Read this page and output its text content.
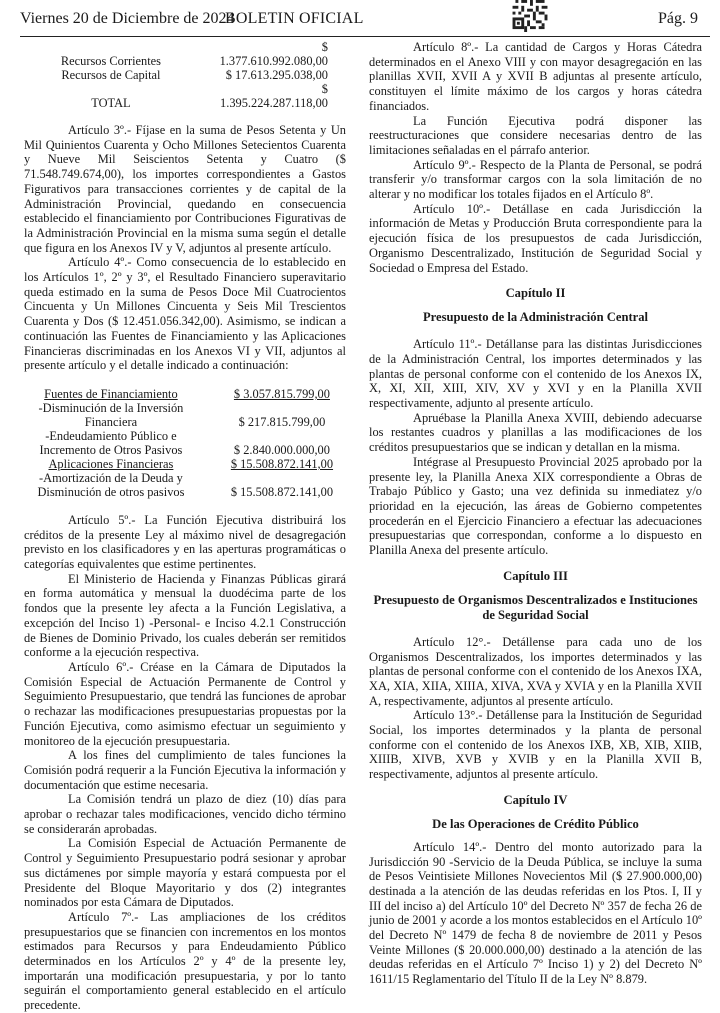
Viernes 20 de Diciembre de 2024
BOLETIN OFICIAL	Pág. 9
Recursos Corrientes	$ 1.377.610.992.080,00
Recursos de Capital	$ 17.613.295.038,00
TOTAL	$ 1.395.224.287.118,00

Artículo 3º.- Fíjase en la suma de Pesos Setenta y Un Mil Quinientos Cuarenta y Ocho Millones Setecientos Cuarenta y Nueve Mil Seiscientos Setenta y Cuatro ($ 71.548.749.674,00), los importes correspondientes a Gastos Figurativos para transacciones corrientes y de capital de la Administración Provincial, quedando en consecuencia establecido el financiamiento por Contribuciones Figurativas de la Administración Provincial en la misma suma según el detalle que figura en los Anexos IV y V, adjuntos al presente artículo.

Artículo 4º.- Como consecuencia de lo establecido en los Artículos 1º, 2º y 3º, el Resultado Financiero superavitario queda estimado en la suma de Pesos Doce Mil Cuatrocientos Cincuenta y Un Millones Cincuenta y Seis Mil Trescientos Cuarenta y Dos ($ 12.451.056.342,00). Asimismo, se indican a continuación las Fuentes de Financiamiento y las Aplicaciones Financieras discriminadas en los Anexos VI y VII, adjuntos al presente artículo y el detalle indicado a continuación:

Fuentes de Financiamiento	$ 3.057.815.799,00
-Disminución de la Inversión Financiera	$ 217.815.799,00
-Endeudamiento Público e Incremento de Otros Pasivos	$ 2.840.000.000,00
Aplicaciones Financieras	$ 15.508.872.141,00
-Amortización de la Deuda y Disminución de otros pasivos	$ 15.508.872.141,00

Artículo 5º.- La Función Ejecutiva distribuirá los créditos de la presente Ley al máximo nivel de desagregación previsto en los clasificadores y en las aperturas programáticas o categorías equivalentes que estime pertinentes.

El Ministerio de Hacienda y Finanzas Públicas girará en forma automática y mensual la duodécima parte de los fondos que la presente ley afecta a la Función Legislativa, a excepción del Inciso 1) -Personal- e Inciso 4.2.1 Construcción de Bienes de Dominio Privado, los cuales deberán ser remitidos conforme a la ejecución respectiva.

Artículo 6º.- Créase en la Cámara de Diputados la Comisión Especial de Actuación Permanente de Control y Seguimiento Presupuestario, que tendrá las funciones de aprobar o rechazar las modificaciones presupuestarias propuestas por la Función Ejecutiva, como asimismo efectuar un seguimiento y monitoreo de la ejecución presupuestaria.

A los fines del cumplimiento de tales funciones la Comisión podrá requerir a la Función Ejecutiva la información y documentación que estime necesaria.

La Comisión tendrá un plazo de diez (10) días para aprobar o rechazar tales modificaciones, vencido dicho término se considerarán aprobadas.

La Comisión Especial de Actuación Permanente de Control y Seguimiento Presupuestario podrá sesionar y aprobar sus dictámenes por simple mayoría y estará compuesta por el Presidente del Bloque Mayoritario y dos (2) integrantes nominados por esta Cámara de Diputados.

Artículo 7º.- Las ampliaciones de los créditos presupuestarios que se financien con incrementos en los montos estimados para Recursos y para Endeudamiento Público determinados en los Artículos 2º y 4º de la presente ley, importarán una modificación presupuestaria, y por lo tanto seguirán el comportamiento general establecido en el artículo precedente.

Artículo 8º.- La cantidad de Cargos y Horas Cátedra determinados en el Anexo VIII y con mayor desagregación en las planillas XVII, XVII A y XVII B adjuntas al presente artículo, constituyen el límite máximo de los cargos y horas cátedra financiados.

La Función Ejecutiva podrá disponer las reestructuraciones que considere necesarias dentro de las limitaciones señaladas en el párrafo anterior.

Artículo 9º.- Respecto de la Planta de Personal, se podrá transferir y/o transformar cargos con la sola limitación de no alterar y no modificar los totales fijados en el Artículo 8º.

Artículo 10º.- Detállase en cada Jurisdicción la información de Metas y Producción Bruta correspondiente para la ejecución física de los presupuestos de cada Jurisdicción, Organismo Descentralizado, Institución de Seguridad Social y Sociedad o Empresa del Estado.

Capítulo II
Presupuesto de la Administración Central

Artículo 11º.- Detállanse para las distintas Jurisdicciones de la Administración Central, los importes determinados y las plantas de personal conforme con el contenido de los Anexos IX, X, XI, XII, XIII, XIV, XV y XVI y en la Planilla XVII respectivamente, adjunto al presente artículo.

Apruébase la Planilla Anexa XVIII, debiendo adecuarse los restantes cuadros y planillas a las modificaciones de los créditos presupuestarios que se indican y detallan en la misma.

Intégrase al Presupuesto Provincial 2025 aprobado por la presente ley, la Planilla Anexa XIX correspondiente a Obras de Trabajo Público y Gasto; una vez definida su inmediatez y/o prioridad en la ejecución, las áreas de Gobierno competentes procederán en el Ejercicio Financiero a efectuar las adecuaciones presupuestarias que correspondan, conforme a lo dispuesto en Planilla Anexa del presente artículo.

Capítulo III
Presupuesto de Organismos Descentralizados e Instituciones de Seguridad Social

Artículo 12°.- Detállense para cada uno de los Organismos Descentralizados, los importes determinados y las plantas de personal conforme con el contenido de los Anexos IXA, XA, XIA, XIIA, XIIIA, XIVA, XVA y XVIA y en la Planilla XVII A, respectivamente, adjuntos al presente artículo.

Artículo 13°.- Detállense para la Institución de Seguridad Social, los importes determinados y la planta de personal conforme con el contenido de los Anexos IXB, XB, XIB, XIIB, XIIIB, XIVB, XVB y XVIB y en la Planilla XVII B, respectivamente, adjuntos al presente artículo.

Capítulo IV
De las Operaciones de Crédito Público

Artículo 14º.- Dentro del monto autorizado para la Jurisdicción 90 -Servicio de la Deuda Pública, se incluye la suma de Pesos Veintisiete Millones Novecientos Mil ($ 27.900.000,00) destinada a la atención de las deudas referidas en los Ptos. I, II y III del inciso a) del Artículo 10º del Decreto Nº 357 de fecha 26 de junio de 2001 y acorde a los montos establecidos en el Artículo 10º del Decreto Nº 1479 de fecha 8 de noviembre de 2011 y Pesos Veinte Millones ($ 20.000.000,00) destinado a la atención de las deudas referidas en el Artículo 7º Inciso 1) y 2) del Decreto Nº 1611/15 Reglamentario del Título II de la Ley Nº 8.879.
